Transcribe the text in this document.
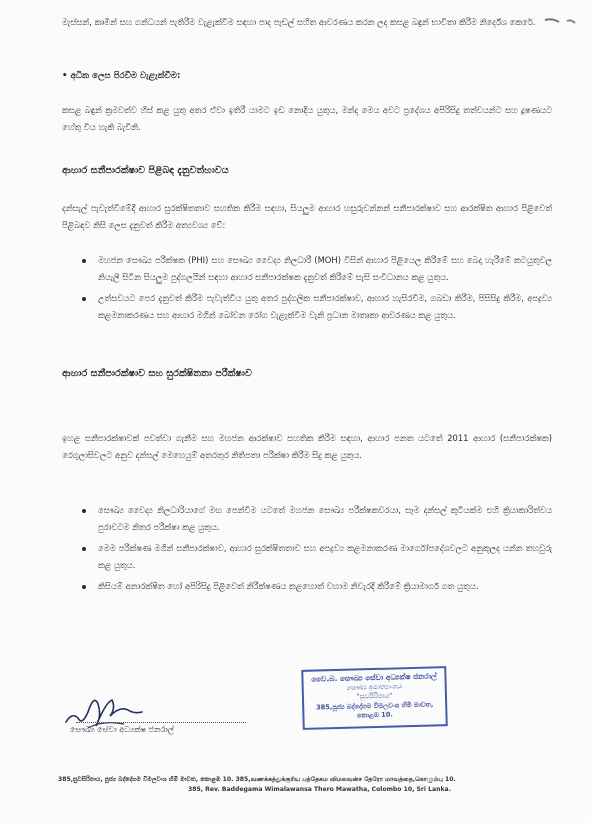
මැස්සන්, කෘමීන් සහ ගන්ධයන් පැතිරීම වැළැක්වීම සඳහා පාද පැඩල් සහිත ආවරණය කරන ලද කසළ බඳුන් භාවිතා කිරීම නිර්දේශ කෙරේ.

• අධික ලෙස පිරවීම වැළැක්වීම:

කසළ බඳුන් ක්‍රමවත්ව හිස් කළ යුතු අතර ඒවා ඉතිරී යාමට ඉඩ නොදිය යුතුය, මන්ද මෙය අවට ප්‍රදේශය අපිරිසිදු තත්වයන්ට සහ දූෂණයට හේතු විය හැකි බැවිනි.

ආහාර සනීපාරක්ෂාව පිළිබඳ දැනුවත්භාවය

දන්සැල් පැවැත්වීමේදී ආහාර සුරක්ෂිතතාව සහතික කිරීම සඳහා, සියලුම ආහාර හසුරුවන්නන් සනීපාරක්ෂාව සහ ආරක්ෂිත ආහාර පිළිවෙත් පිළිබඳව නිසි ලෙස දැනුවත් කිරීම අත්‍යවශ්‍ය වේ:

මහජන සෞඛ්‍ය පරීක්ෂක (PHI) සහ සෞඛ්‍ය වෛද්‍ය නිලධාරී (MOH) විසින් ආහාර පිළියෙල කිරීමේ සහ බෙදා හැරීමේ කටයුතුවල නියැලී සිටින සියලුම පුද්ගලයින් සඳහා ආහාර සනීපාරක්ෂක දැනුවත් කිරීමේ සැසි සංවිධානය කළ යුතුය.
උත්සවයට පෙර දැනුවත් කිරීම පැවැත්විය යුතු අතර පුද්ගලික සනීපාරක්ෂාව, ආහාර හැසිරවීම, ගබඩා කිරීම, පිසිසිදු කිරීම, අපද්‍රව්‍ය කළමනාකරණය සහ ආහාර මගින් බෝවන රෝග වැළැක්වීම වැනි ප්‍රධාන මාතෘකා ආවරණය කළ යුතුය.

ආහාර සනීපාරක්ෂාව සහ සුරක්ෂිතතා පරීක්ෂාව

ඉහළ සනීපාරක්ෂාවක් පවත්වා ගැනීම සහ මහජන ආරක්ෂාව සහතික කිරීම සඳහා, ආහාර පනත යටතේ 2011 ආහාර (සනීපාරක්ෂක) රෙගුලාසිවලට අනුව දන්සල් මෙහෙයුම් අතරතුර නිතිපතා පරීක්ෂා කිරීම සිදු කළ යුතුය.

සෞඛ්‍ය වෛද්‍ය නිලධාරියාගේ මඟ පෙන්වීම යටතේ මහජන සෞඛ්‍ය පරීක්ෂකවරයා, සෑම දන්සල් කුටියක්ම එහි ක්‍රියාකාරිත්වය පුරාවටම නිතර පරීක්ෂා කළ යුතුය.
මෙම පරීක්ෂණ මගින් සනීපාරක්ෂාව, ආහාර සුරක්ෂිතතාව සහ අපද්‍රව්‍ය කළමනාකරණ මාර්ගෝපදේශවලට අනුකූලද යන්න තහවුරු කළ යුතුය.
කිසියම් අනාරක්ෂිත හෝ අපිරිසිදු පිළිවෙත් නිරීක්ෂණය කළහොත් වහාම නිවැරදි කිරීමේ ක්‍රියාමාර්ග ගත යුතුය.
වෛ.බ. සෞඛ්‍ය සේවා අධ්‍යක්ෂ ජනරාල්
සෞඛ්‍ය අමාත්‍යාංශය
"සුවසිරිපාය"
385,පූජ්‍ය බද්දේගම විමලවංශ හිමි මාවත,
කොළඹ 10.
සෞඛ්‍ය සේවා අධ්‍යක්ෂ ජනරාල්
385,සුවසිරිපාය, පූජ්‍ය බද්දේගම විමලවංශ හිමි මාවත, කොළඹ 10. 385,வணக்கத்துக்குரிய பத்தேகம விமலவன்ச தேரோ மாவத்தை,கொழும்பு 10.
385, Rev. Baddegama Wimalawansa Thero Mawatha, Colombo 10, Sri Lanka.
